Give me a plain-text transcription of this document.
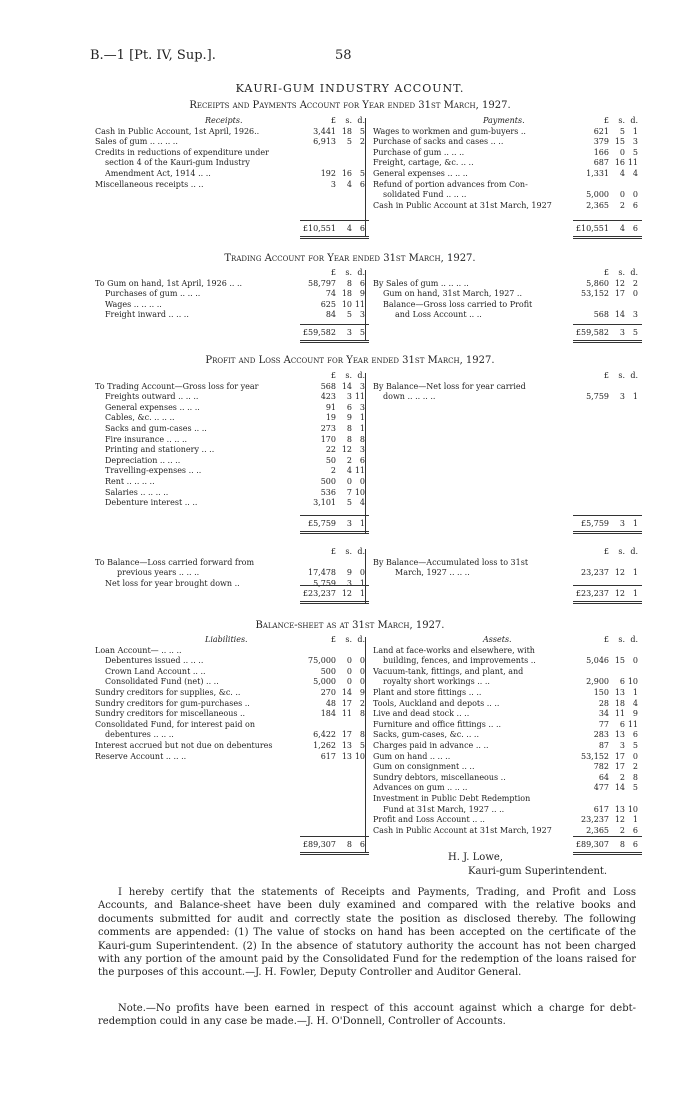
B.—1 [Pt. IV, Sup.].	58
KAURI-GUM INDUSTRY ACCOUNT.
Receipts and Payments Account for Year ended 31st March, 1927.
Receipts.	£	s. d.
Cash in Public Account, 1st April, 1926..	3,441 18 5
Sales of gum .. .. .. ..	6,913	5 2
Credits in reductions of expenditure under
section 4 of the Kauri-gum Industry
Amendment Act, 1914 .. ..	192 16 5
Miscellaneous receipts .. ..	3	4 6
£10,551	4 6
Payments.	£	s. d.
Wages to workmen and gum-buyers ..	621	5 1
Purchase of sacks and cases .. ..	379 15 3
Purchase of gum .. .. ..	166	0 5
Freight, cartage, &c. .. ..	687 16 11
General expenses .. .. ..	1,331	4 4
Refund of portion advances from Con-
solidated Fund .. .. ..	5,000	0 0
Cash in Public Account at 31st March, 1927	2,365	2 6
£10,551	4 6
Trading Account for Year ended 31st March, 1927.
£	s. d.
To Gum on hand, 1st April, 1926 .. ..	58,797	8 6
Purchases of gum .. .. ..	74 18 9
Wages .. .. .. ..	625 10 11
Freight inward .. .. ..	84	5 3
£59,582	3 5
£	s. d.
By Sales of gum .. .. .. ..	5,860 12 2
Gum on hand, 31st March, 1927 ..	53,152 17 0
Balance—Gross loss carried to Profit
and Loss Account .. ..	568 14 3
£59,582	3 5
Profit and Loss Account for Year ended 31st March, 1927.
£	s. d.
To Trading Account—Gross loss for year	568 14 3
Freights outward .. .. ..	423	3 11
General expenses .. .. ..	91	6 3
Cables, &c. .. .. ..	19	9 1
Sacks and gum-cases .. ..	273	8 1
Fire insurance .. .. ..	170	8 8
Printing and stationery .. ..	22 12 3
Depreciation .. .. ..	50	2 6
Travelling-expenses .. ..	2	4 11
Rent .. .. .. ..	500	0 0
Salaries .. .. .. ..	536	7 10
Debenture interest .. ..	3,101	5 4
£5,759	3 1
£	s. d.
By Balance—Net loss for year carried
down .. .. .. ..	5,759	3 1
£5,759	3 1
£	s. d.
To Balance—Loss carried forward from
previous years .. .. ..	17,478	9 0
Net loss for year brought down ..	5,759	3 1
£23,237 12 1
£	s. d.
By Balance—Accumulated loss to 31st
March, 1927 .. .. ..	23,237 12 1
£23,237 12 1
Balance-sheet as at 31st March, 1927.
Liabilities.	£	s. d.
Loan Account— .. .. ..
Debentures issued .. .. ..	75,000	0 0
Crown Land Account .. ..	500	0 0
Consolidated Fund (net) .. ..	5,000	0 0
Sundry creditors for supplies, &c. ..	270 14 9
Sundry creditors for gum-purchases ..	48 17 2
Sundry creditors for miscellaneous ..	184 11 8
Consolidated Fund, for interest paid on
debentures .. .. ..	6,422 17 8
Interest accrued but not due on debentures	1,262 13 5
Reserve Account .. .. ..	617 13 10
£89,307	8 6
Assets.	£	s. d.
Land at face-works and elsewhere, with
building, fences, and improvements ..	5,046 15 0
Vacuum-tank, fittings, and plant, and
royalty short workings .. ..	2,900	6 10
Plant and store fittings .. ..	150 13 1
Tools, Auckland and depots .. ..	28 18 4
Live and dead stock .. ..	34 11 9
Furniture and office fittings .. ..	77	6 11
Sacks, gum-cases, &c. .. ..	283 13 6
Charges paid in advance .. ..	87	3 5
Gum on hand .. .. ..	53,152 17 0
Gum on consignment .. ..	782 17 2
Sundry debtors, miscellaneous ..	64	2 8
Advances on gum .. .. ..	477 14 5
Investment in Public Debt Redemption
Fund at 31st March, 1927 .. ..	617 13 10
Profit and Loss Account .. ..	23,237 12 1
Cash in Public Account at 31st March, 1927	2,365	2 6
£89,307	8 6
H. J. Lowe,
Kauri-gum Superintendent.
I hereby certify that the statements of Receipts and Payments, Trading, and Profit and Loss Accounts, and Balance-sheet have been duly examined and compared with the relative books and documents submitted for audit and correctly state the position as disclosed thereby. The following comments are appended: (1) The value of stocks on hand has been accepted on the certificate of the Kauri-gum Superintendent. (2) In the absence of statutory authority the account has not been charged with any portion of the amount paid by the Consolidated Fund for the redemption of the loans raised for the purposes of this account.—J. H. Fowler, Deputy Controller and Auditor General.
Note.—No profits have been earned in respect of this account against which a charge for debt-redemption could in any case be made.—J. H. O'Donnell, Controller of Accounts.
